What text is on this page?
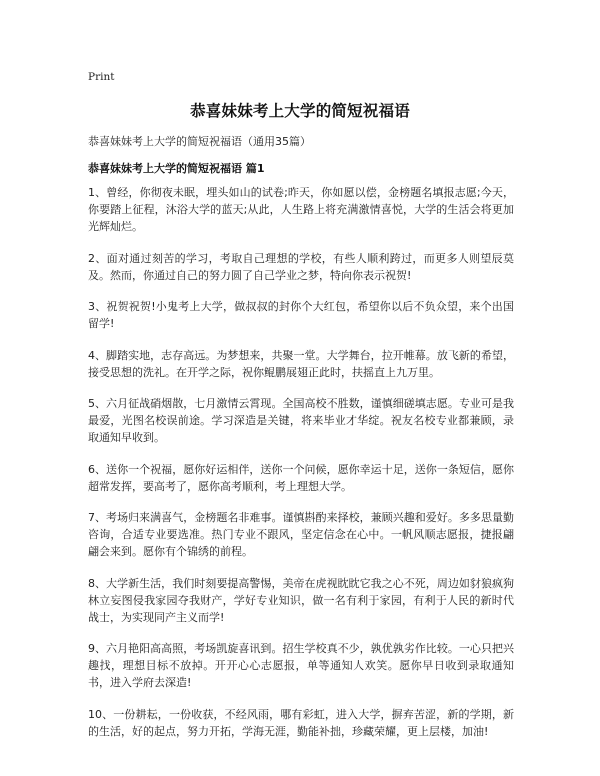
Print
恭喜妹妹考上大学的简短祝福语
恭喜妹妹考上大学的简短祝福语（通用35篇）
恭喜妹妹考上大学的简短祝福语 篇1

1、曾经，你彻夜未眠，埋头如山的试卷;昨天，你如愿以偿，金榜题名填报志愿;今天，你要踏上征程，沐浴大学的蓝天;从此，人生路上将充满激情喜悦，大学的生活会将更加光辉灿烂。

2、面对通过刻苦的学习，考取自己理想的学校，有些人顺利跨过，而更多人则望辰莫及。然而，你通过自己的努力圆了自己学业之梦，特向你表示祝贺!

3、祝贺祝贺!小鬼考上大学，做叔叔的封你个大红包，希望你以后不负众望，来个出国留学!

4、脚踏实地，志存高远。为梦想来，共聚一堂。大学舞台，拉开帷幕。放飞新的希望，接受思想的洗礼。在开学之际，祝你鲲鹏展翅正此时，扶摇直上九万里。

5、六月征战硝烟散，七月激情云霄现。全国高校不胜数，谨慎细磋填志愿。专业可是我最爱，光图名校误前途。学习深造是关键，将来毕业才华绽。祝友名校专业都兼顾，录取通知早收到。

6、送你一个祝福，愿你好运相伴，送你一个问候，愿你幸运十足，送你一条短信，愿你超常发挥，要高考了，愿你高考顺利，考上理想大学。

7、考场归来满喜气，金榜题名非难事。谨慎斟酌来择校，兼顾兴趣和爱好。多多思量勤咨询，合适专业要选准。热门专业不跟风，坚定信念在心中。一帆风顺志愿报，捷报翩翩会来到。愿你有个锦绣的前程。

8、大学新生活，我们时刻要提高警惕，美帝在虎视眈眈它我之心不死，周边如豺狼疯狗林立妄图侵我家园夺我财产，学好专业知识，做一名有利于家园，有利于人民的新时代战士，为实现同产主义而学!

9、六月艳阳高高照，考场凯旋喜讯到。招生学校真不少，孰优孰劣作比较。一心只把兴趣找，理想目标不放掉。开开心心志愿报，单等通知人欢笑。愿你早日收到录取通知书，进入学府去深造!

10、一份耕耘，一份收获，不经风雨，哪有彩虹，进入大学，摒弃苦涩，新的学期，新的生活，好的起点，努力开拓，学海无涯，勤能补拙，珍藏荣耀，更上层楼，加油!
